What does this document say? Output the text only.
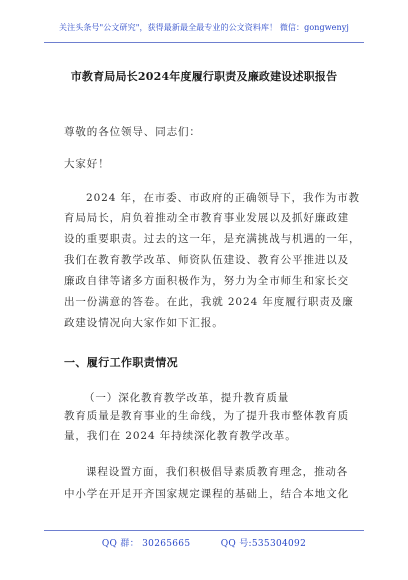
关注头条号"公文研究"，获得最新最全最专业的公文资料库！ 微信：gongwenyj
市教育局局长2024年度履行职责及廉政建设述职报告
尊敬的各位领导、同志们：
大家好！
2024 年，在市委、市政府的正确领导下，我作为市教
育局局长，肩负着推动全市教育事业发展以及抓好廉政建
设的重要职责。过去的这一年，是充满挑战与机遇的一年，
我们在教育教学改革、师资队伍建设、教育公平推进以及
廉政自律等诸多方面积极作为，努力为全市师生和家长交
出一份满意的答卷。在此，我就 2024 年度履行职责及廉
政建设情况向大家作如下汇报。
一、履行工作职责情况
（一）深化教育教学改革，提升教育质量
教育质量是教育事业的生命线，为了提升我市整体教育质
量，我们在 2024 年持续深化教育教学改革。
课程设置方面，我们积极倡导素质教育理念，推动各
中小学在开足开齐国家规定课程的基础上，结合本地文化
QQ 群： 30265665	QQ 号:535304092
